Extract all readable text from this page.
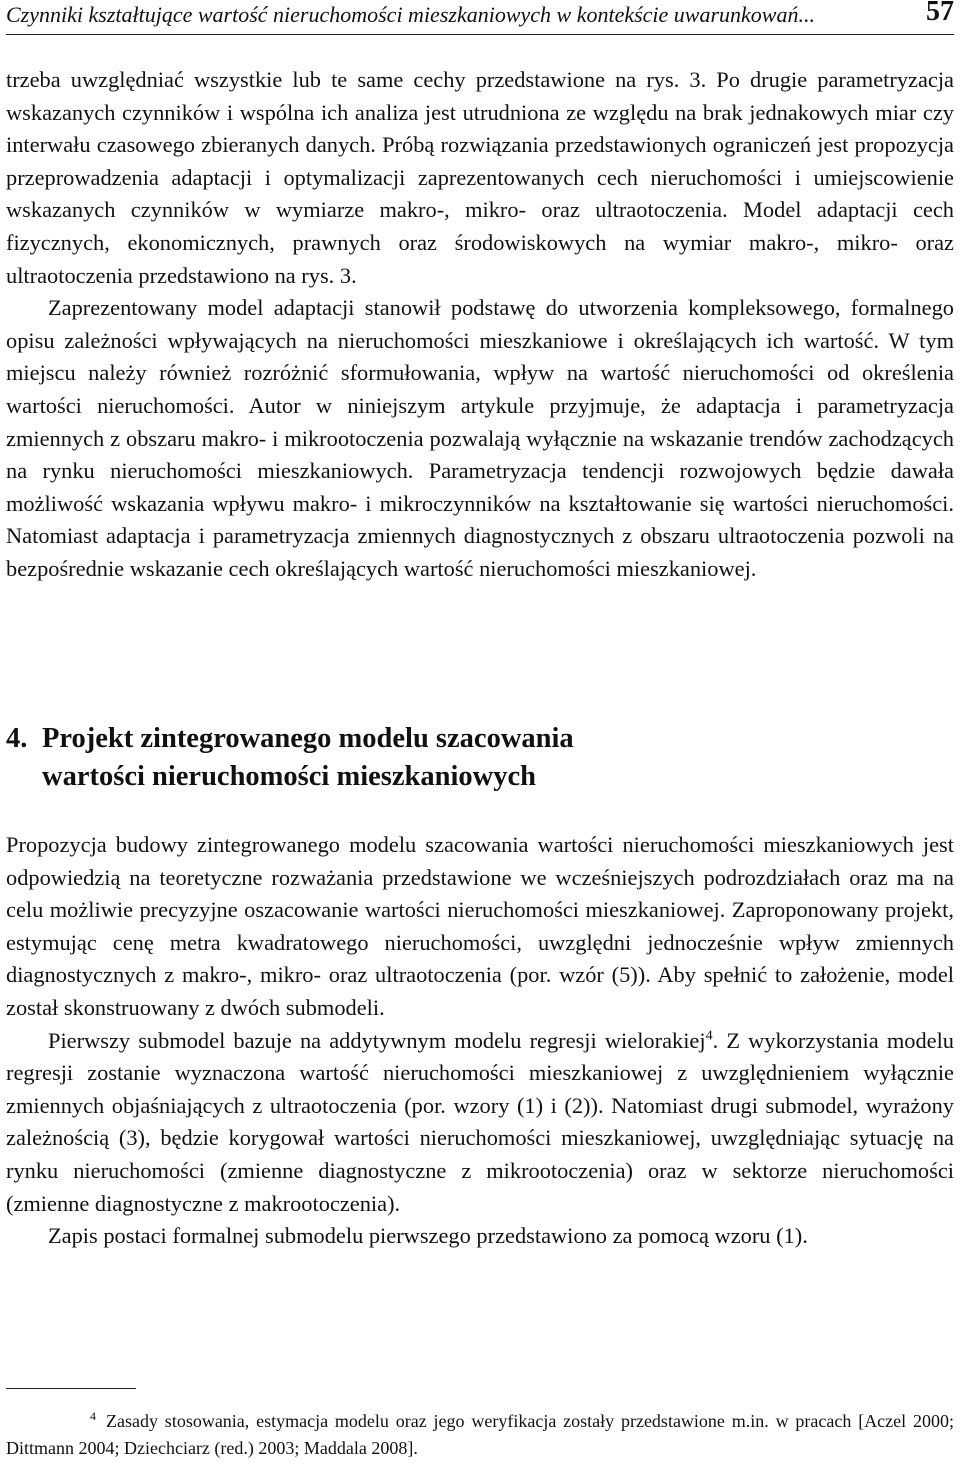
Czynniki kształtujące wartość nieruchomości mieszkaniowych w kontekście uwarunkowań...	57

trzeba uwzględniać wszystkie lub te same cechy przedstawione na rys. 3. Po drugie parametryzacja wskazanych czynników i wspólna ich analiza jest utrudniona ze względu na brak jednakowych miar czy interwału czasowego zbieranych danych. Próbą rozwiązania przedstawionych ograniczeń jest propozycja przeprowadzenia adaptacji i optymalizacji zaprezentowanych cech nieruchomości i umiejscowienie wskazanych czynników w wymiarze makro-, mikro- oraz ultraotoczenia. Model adaptacji cech fizycznych, ekonomicznych, prawnych oraz środowiskowych na wymiar makro-, mikro- oraz ultraotoczenia przedstawiono na rys. 3.

Zaprezentowany model adaptacji stanowił podstawę do utworzenia kompleksowego, formalnego opisu zależności wpływających na nieruchomości mieszkaniowe i określających ich wartość. W tym miejscu należy również rozróżnić sformułowania, wpływ na wartość nieruchomości od określenia wartości nieruchomości. Autor w niniejszym artykule przyjmuje, że adaptacja i parametryzacja zmiennych z obszaru makro- i mikrootoczenia pozwalają wyłącznie na wskazanie trendów zachodzących na rynku nieruchomości mieszkaniowych. Parametryzacja tendencji rozwojowych będzie dawała możliwość wskazania wpływu makro- i mikroczynników na kształtowanie się wartości nieruchomości. Natomiast adaptacja i parametryzacja zmiennych diagnostycznych z obszaru ultraotoczenia pozwoli na bezpośrednie wskazanie cech określających wartość nieruchomości mieszkaniowej.

4. Projekt zintegrowanego modelu szacowania
wartości nieruchomości mieszkaniowych

Propozycja budowy zintegrowanego modelu szacowania wartości nieruchomości mieszkaniowych jest odpowiedzią na teoretyczne rozważania przedstawione we wcześniejszych podrozdziałach oraz ma na celu możliwie precyzyjne oszacowanie wartości nieruchomości mieszkaniowej. Zaproponowany projekt, estymując cenę metra kwadratowego nieruchomości, uwzględni jednocześnie wpływ zmiennych diagnostycznych z makro-, mikro- oraz ultraotoczenia (por. wzór (5)). Aby spełnić to założenie, model został skonstruowany z dwóch submodeli.

Pierwszy submodel bazuje na addytywnym modelu regresji wielorakiej$^4$. Z wykorzystania modelu regresji zostanie wyznaczona wartość nieruchomości mieszkaniowej z uwzględnieniem wyłącznie zmiennych objaśniających z ultraotoczenia (por. wzory (1) i (2)). Natomiast drugi submodel, wyrażony zależnością (3), będzie korygował wartości nieruchomości mieszkaniowej, uwzględniając sytuację na rynku nieruchomości (zmienne diagnostyczne z mikrootoczenia) oraz w sektorze nieruchomości (zmienne diagnostyczne z makrootoczenia).

Zapis postaci formalnej submodelu pierwszego przedstawiono za pomocą wzoru (1).

4 Zasady stosowania, estymacja modelu oraz jego weryfikacja zostały przedstawione m.in. w pracach [Aczel 2000; Dittmann 2004; Dziechciarz (red.) 2003; Maddala 2008].
